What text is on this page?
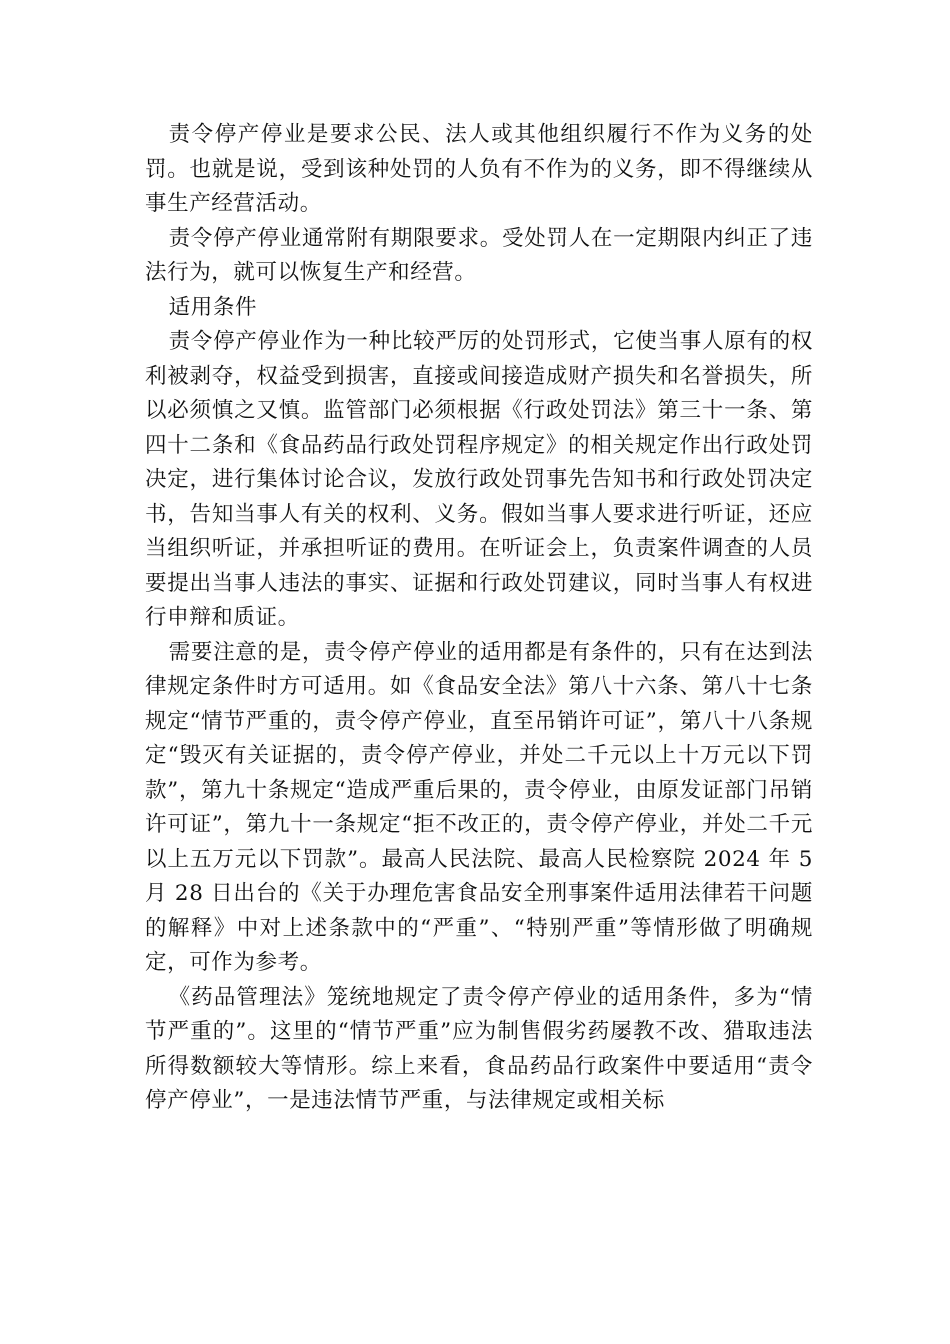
责令停产停业是要求公民、法人或其他组织履行不作为义务的处罚。也就是说，受到该种处罚的人负有不作为的义务，即不得继续从事生产经营活动。

责令停产停业通常附有期限要求。受处罚人在一定期限内纠正了违法行为，就可以恢复生产和经营。

适用条件

责令停产停业作为一种比较严厉的处罚形式，它使当事人原有的权利被剥夺，权益受到损害，直接或间接造成财产损失和名誉损失，所以必须慎之又慎。监管部门必须根据《行政处罚法》第三十一条、第四十二条和《食品药品行政处罚程序规定》的相关规定作出行政处罚决定，进行集体讨论合议，发放行政处罚事先告知书和行政处罚决定书，告知当事人有关的权利、义务。假如当事人要求进行听证，还应当组织听证，并承担听证的费用。在听证会上，负责案件调查的人员要提出当事人违法的事实、证据和行政处罚建议，同时当事人有权进行申辩和质证。

需要注意的是，责令停产停业的适用都是有条件的，只有在达到法律规定条件时方可适用。如《食品安全法》第八十六条、第八十七条规定“情节严重的，责令停产停业，直至吊销许可证”，第八十八条规定“毁灭有关证据的，责令停产停业，并处二千元以上十万元以下罚款”，第九十条规定“造成严重后果的，责令停业，由原发证部门吊销许可证”，第九十一条规定“拒不改正的，责令停产停业，并处二千元以上五万元以下罚款”。最高人民法院、最高人民检察院 2024 年 5 月 28 日出台的《关于办理危害食品安全刑事案件适用法律若干问题的解释》中对上述条款中的“严重”、“特别严重”等情形做了明确规定，可作为参考。

《药品管理法》笼统地规定了责令停产停业的适用条件，多为“情节严重的”。这里的“情节严重”应为制售假劣药屡教不改、猎取违法所得数额较大等情形。综上来看，食品药品行政案件中要适用“责令停产停业”，一是违法情节严重，与法律规定或相关标
